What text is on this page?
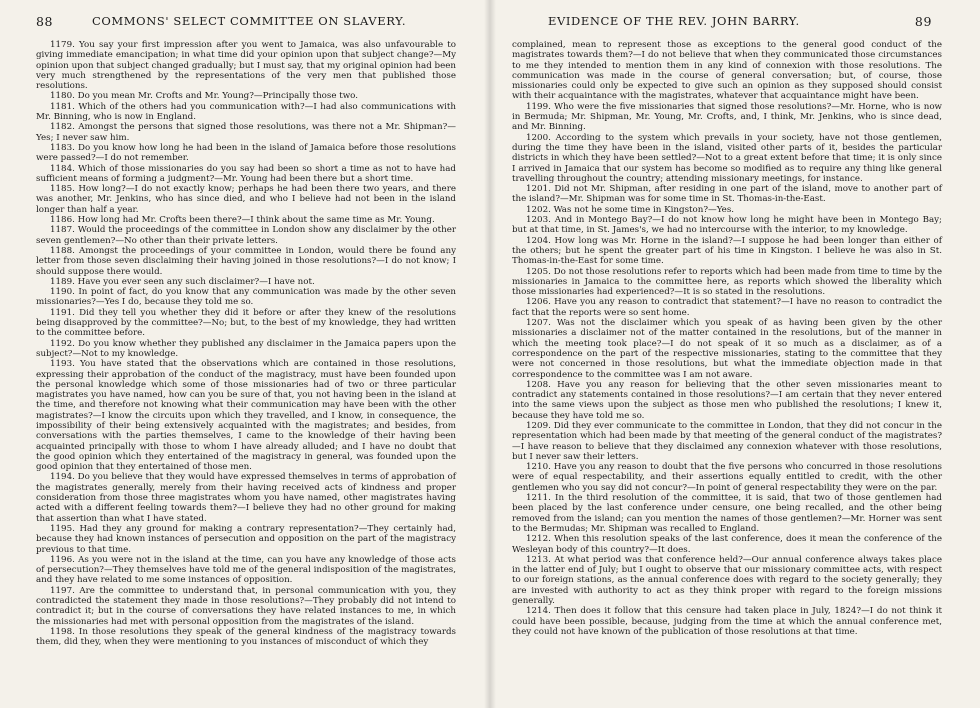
88	COMMONS' SELECT COMMITTEE ON SLAVERY.

1179. You say your first impression after you went to Jamaica, was also unfavourable to giving immediate emancipation; in what time did your opinion upon that subject change?—My opinion upon that subject changed gradually; but I must say, that my original opinion had been very much strengthened by the representations of the very men that published those resolutions.

1180. Do you mean Mr. Crofts and Mr. Young?—Principally those two.

1181. Which of the others had you communication with?—I had also communications with Mr. Binning, who is now in England.

1182. Amongst the persons that signed those resolutions, was there not a Mr. Shipman?—Yes; I never saw him.

1183. Do you know how long he had been in the island of Jamaica before those resolutions were passed?—I do not remember.

1184. Which of those missionaries do you say had been so short a time as not to have had sufficient means of forming a judgment?—Mr. Young had been there but a short time.

1185. How long?—I do not exactly know; perhaps he had been there two years, and there was another, Mr. Jenkins, who has since died, and who I believe had not been in the island longer than half a year.

1186. How long had Mr. Crofts been there?—I think about the same time as Mr. Young.

1187. Would the proceedings of the committee in London show any disclaimer by the other seven gentlemen?—No other than their private letters.

1188. Amongst the proceedings of your committee in London, would there be found any letter from those seven disclaiming their having joined in those resolutions?—I do not know; I should suppose there would.

1189. Have you ever seen any such disclaimer?—I have not.

1190. In point of fact, do you know that any communication was made by the other seven missionaries?—Yes I do, because they told me so.

1191. Did they tell you whether they did it before or after they knew of the resolutions being disapproved by the committee?—No; but, to the best of my knowledge, they had written to the committee before.

1192. Do you know whether they published any disclaimer in the Jamaica papers upon the subject?—Not to my knowledge.

1193. You have stated that the observations which are contained in those resolutions, expressing their approbation of the conduct of the magistracy, must have been founded upon the personal knowledge which some of those missionaries had of two or three particular magistrates you have named, how can you be sure of that, you not having been in the island at the time, and therefore not knowing what their communication may have been with the other magistrates?—I know the circuits upon which they travelled, and I know, in consequence, the impossibility of their being extensively acquainted with the magistrates; and besides, from conversations with the parties themselves, I came to the knowledge of their having been acquainted principally with those to whom I have already alluded; and I have no doubt that the good opinion which they entertained of the magistracy in general, was founded upon the good opinion that they entertained of those men.

1194. Do you believe that they would have expressed themselves in terms of approbation of the magistrates generally, merely from their having received acts of kindness and proper consideration from those three magistrates whom you have named, other magistrates having acted with a different feeling towards them?—I believe they had no other ground for making that assertion than what I have stated.

1195. Had they any ground for making a contrary representation?—They certainly had, because they had known instances of persecution and opposition on the part of the magistracy previous to that time.

1196. As you were not in the island at the time, can you have any knowledge of those acts of persecution?—They themselves have told me of the general indisposition of the magistrates, and they have related to me some instances of opposition.

1197. Are the committee to understand that, in personal communication with you, they contradicted the statement they made in those resolutions?—They probably did not intend to contradict it; but in the course of conversations they have related instances to me, in which the missionaries had met with personal opposition from the magistrates of the island.

1198. In those resolutions they speak of the general kindness of the magistracy towards them, did they, when they were mentioning to you instances of misconduct of which they

EVIDENCE OF THE REV. JOHN BARRY.	89

complained, mean to represent those as exceptions to the general good conduct of the magistrates towards them?—I do not believe that when they communicated those circumstances to me they intended to mention them in any kind of connexion with those resolutions. The communication was made in the course of general conversation; but, of course, those missionaries could only be expected to give such an opinion as they supposed should consist with their acquaintance with the magistrates, whatever that acquaintance might have been.

1199. Who were the five missionaries that signed those resolutions?—Mr. Horne, who is now in Bermuda; Mr. Shipman, Mr. Young, Mr. Crofts, and, I think, Mr. Jenkins, who is since dead, and Mr. Binning.

1200. According to the system which prevails in your society, have not those gentlemen, during the time they have been in the island, visited other parts of it, besides the particular districts in which they have been settled?—Not to a great extent before that time; it is only since I arrived in Jamaica that our system has become so modified as to require any thing like general travelling throughout the country; attending missionary meetings, for instance.

1201. Did not Mr. Shipman, after residing in one part of the island, move to another part of the island?—Mr. Shipman was for some time in St. Thomas-in-the-East.

1202. Was not he some time in Kingston?—Yes.

1203. And in Montego Bay?—I do not know how long he might have been in Montego Bay; but at that time, in St. James's, we had no intercourse with the interior, to my knowledge.

1204. How long was Mr. Horne in the island?—I suppose he had been longer than either of the others; but he spent the greater part of his time in Kingston. I believe he was also in St. Thomas-in-the-East for some time.

1205. Do not those resolutions refer to reports which had been made from time to time by the missionaries in Jamaica to the committee here, as reports which showed the liberality which those missionaries had experienced?—It is so stated in the resolutions.

1206. Have you any reason to contradict that statement?—I have no reason to contradict the fact that the reports were so sent home.

1207. Was not the disclaimer which you speak of as having been given by the other missionaries a disclaimer not of the matter contained in the resolutions, but of the manner in which the meeting took place?—I do not speak of it so much as a disclaimer, as of a correspondence on the part of the respective missionaries, stating to the committee that they were not concerned in those resolutions, but what the immediate objection made in that correspondence to the committee was I am not aware.

1208. Have you any reason for believing that the other seven missionaries meant to contradict any statements contained in those resolutions?—I am certain that they never entered into the same views upon the subject as those men who published the resolutions; I knew it, because they have told me so.

1209. Did they ever communicate to the committee in London, that they did not concur in the representation which had been made by that meeting of the general conduct of the magistrates?—I have reason to believe that they disclaimed any connexion whatever with those resolutions, but I never saw their letters.

1210. Have you any reason to doubt that the five persons who concurred in those resolutions were of equal respectability, and their assertions equally entitled to credit, with the other gentlemen who you say did not concur?—In point of general respectability they were on the par.

1211. In the third resolution of the committee, it is said, that two of those gentlemen had been placed by the last conference under censure, one being recalled, and the other being removed from the island; can you mention the names of those gentlemen?—Mr. Horner was sent to the Bermudas; Mr. Shipman was recalled to England.

1212. When this resolution speaks of the last conference, does it mean the conference of the Wesleyan body of this country?—It does.

1213. At what period was that conference held?—Our annual conference always takes place in the latter end of July; but I ought to observe that our missionary committee acts, with respect to our foreign stations, as the annual conference does with regard to the society generally; they are invested with authority to act as they think proper with regard to the foreign missions generally.

1214. Then does it follow that this censure had taken place in July, 1824?—I do not think it could have been possible, because, judging from the time at which the annual conference met, they could not have known of the publication of those resolutions at that time.
